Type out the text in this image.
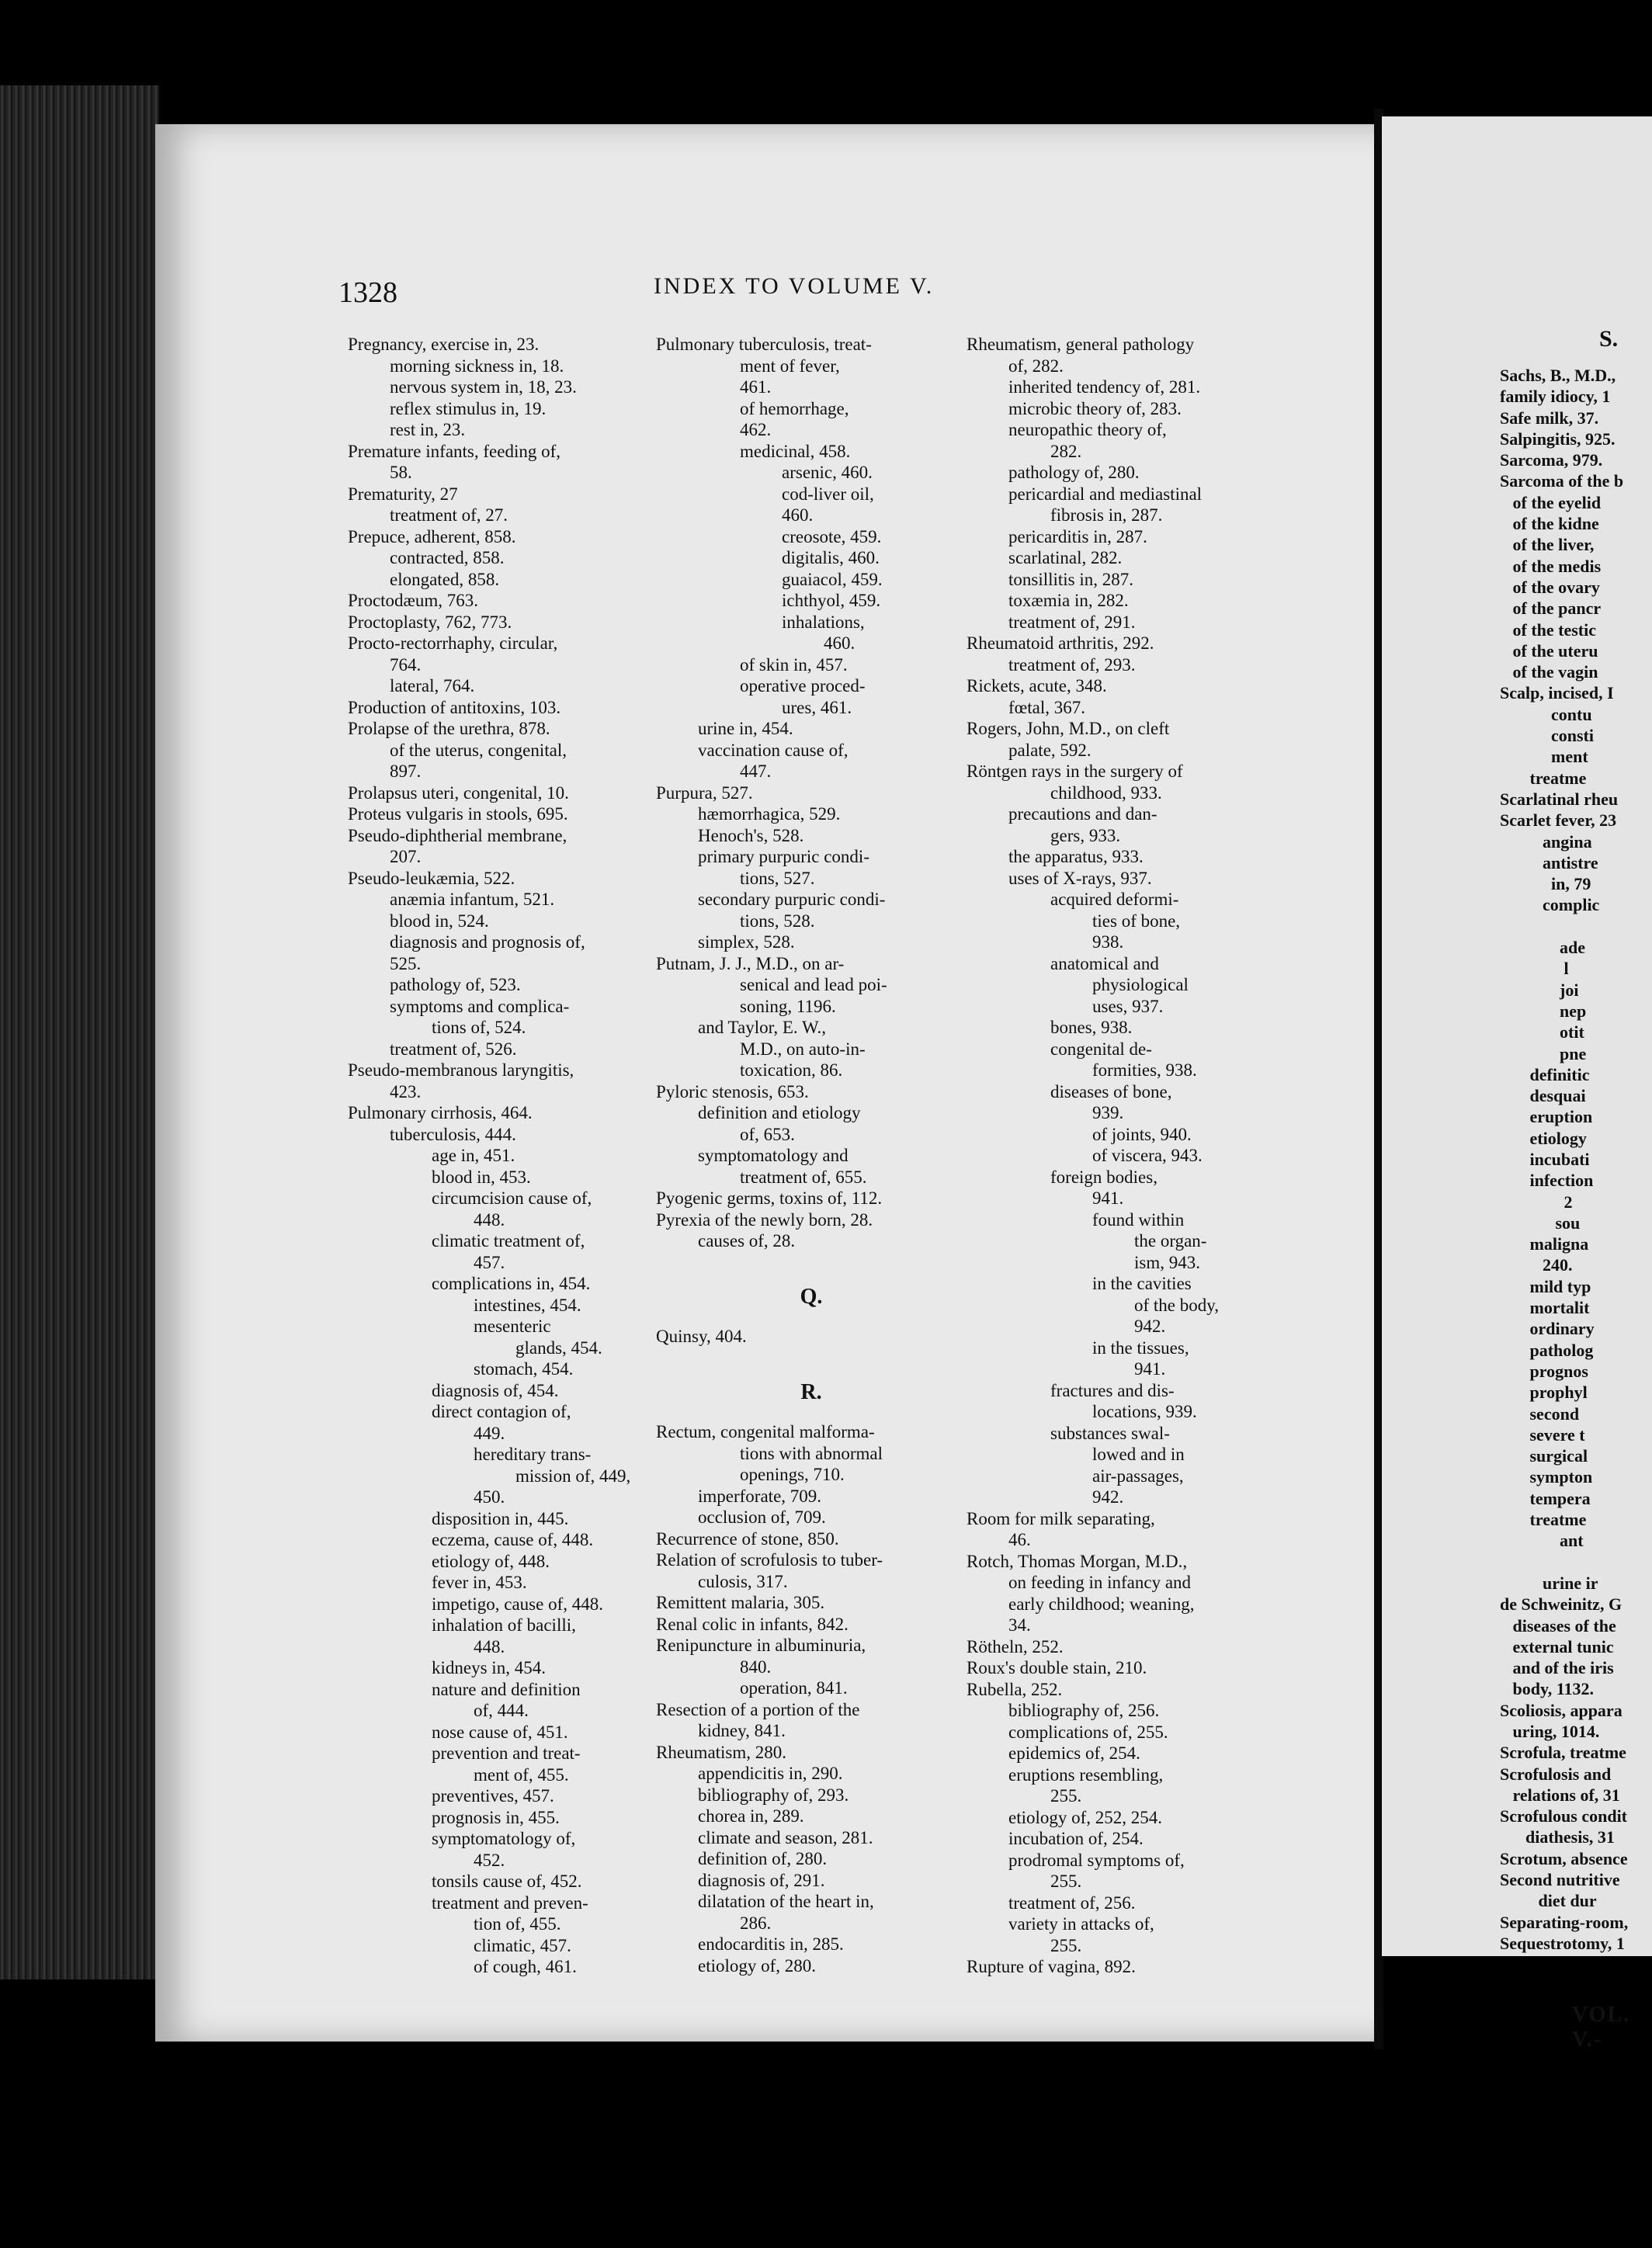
1328	INDEX TO VOLUME V.
Pregnancy, exercise in, 23.
morning sickness in, 18.
nervous system in, 18, 23.
reflex stimulus in, 19.
rest in, 23.
Premature infants, feeding of,
58.
Prematurity, 27
treatment of, 27.
Prepuce, adherent, 858.
contracted, 858.
elongated, 858.
Proctodæum, 763.
Proctoplasty, 762, 773.
Procto-rectorrhaphy, circular,
764.
lateral, 764.
Production of antitoxins, 103.
Prolapse of the urethra, 878.
of the uterus, congenital,
897.
Prolapsus uteri, congenital, 10.
Proteus vulgaris in stools, 695.
Pseudo-diphtherial membrane,
207.
Pseudo-leukæmia, 522.
anæmia infantum, 521.
blood in, 524.
diagnosis and prognosis of,
525.
pathology of, 523.
symptoms and complica-
tions of, 524.
treatment of, 526.
Pseudo-membranous laryngitis,
423.
Pulmonary cirrhosis, 464.
tuberculosis, 444.
age in, 451.
blood in, 453.
circumcision cause of,
448.
climatic treatment of,
457.
complications in, 454.
intestines, 454.
mesenteric
glands, 454.
stomach, 454.
diagnosis of, 454.
direct contagion of,
449.
hereditary trans-
mission of, 449,
450.
disposition in, 445.
eczema, cause of, 448.
etiology of, 448.
fever in, 453.
impetigo, cause of, 448.
inhalation of bacilli,
448.
kidneys in, 454.
nature and definition
of, 444.
nose cause of, 451.
prevention and treat-
ment of, 455.
preventives, 457.
prognosis in, 455.
symptomatology of,
452.
tonsils cause of, 452.
treatment and preven-
tion of, 455.
climatic, 457.
of cough, 461.
Pulmonary tuberculosis, treat-
ment of fever,
461.
of hemorrhage,
462.
medicinal, 458.
arsenic, 460.
cod-liver oil,
460.
creosote, 459.
digitalis, 460.
guaiacol, 459.
ichthyol, 459.
inhalations,
460.
of skin in, 457.
operative proced-
ures, 461.
urine in, 454.
vaccination cause of,
447.
Purpura, 527.
hæmorrhagica, 529.
Henoch's, 528.
primary purpuric condi-
tions, 527.
secondary purpuric condi-
tions, 528.
simplex, 528.
Putnam, J. J., M.D., on ar-
senical and lead poi-
soning, 1196.
and Taylor, E. W.,
M.D., on auto-in-
toxication, 86.
Pyloric stenosis, 653.
definition and etiology
of, 653.
symptomatology and
treatment of, 655.
Pyogenic germs, toxins of, 112.
Pyrexia of the newly born, 28.
causes of, 28.
Q.
Quinsy, 404.
R.
Rectum, congenital malforma-
tions with abnormal
openings, 710.
imperforate, 709.
occlusion of, 709.
Recurrence of stone, 850.
Relation of scrofulosis to tuber-
culosis, 317.
Remittent malaria, 305.
Renal colic in infants, 842.
Renipuncture in albuminuria,
840.
operation, 841.
Resection of a portion of the
kidney, 841.
Rheumatism, 280.
appendicitis in, 290.
bibliography of, 293.
chorea in, 289.
climate and season, 281.
definition of, 280.
diagnosis of, 291.
dilatation of the heart in,
286.
endocarditis in, 285.
etiology of, 280.
Rheumatism, general pathology
of, 282.
inherited tendency of, 281.
microbic theory of, 283.
neuropathic theory of,
282.
pathology of, 280.
pericardial and mediastinal
fibrosis in, 287.
pericarditis in, 287.
scarlatinal, 282.
tonsillitis in, 287.
toxæmia in, 282.
treatment of, 291.
Rheumatoid arthritis, 292.
treatment of, 293.
Rickets, acute, 348.
fœtal, 367.
Rogers, John, M.D., on cleft
palate, 592.
Röntgen rays in the surgery of
childhood, 933.
precautions and dan-
gers, 933.
the apparatus, 933.
uses of X-rays, 937.
acquired deformi-
ties of bone,
938.
anatomical and
physiological
uses, 937.
bones, 938.
congenital de-
formities, 938.
diseases of bone,
939.
of joints, 940.
of viscera, 943.
foreign bodies,
941.
found within
the organ-
ism, 943.
in the cavities
of the body,
942.
in the tissues,
941.
fractures and dis-
locations, 939.
substances swal-
lowed and in
air-passages,
942.
Room for milk separating,
46.
Rotch, Thomas Morgan, M.D.,
on feeding in infancy and
early childhood; weaning,
34.
Rötheln, 252.
Roux's double stain, 210.
Rubella, 252.
bibliography of, 256.
complications of, 255.
epidemics of, 254.
eruptions resembling,
255.
etiology of, 252, 254.
incubation of, 254.
prodromal symptoms of,
255.
treatment of, 256.
variety in attacks of,
255.
Rupture of vagina, 892.
S.
Sachs, B., M.D.,
family idiocy, 1
Safe milk, 37.
Salpingitis, 925.
Sarcoma, 979.
Sarcoma of the b
of the eyelid
of the kidne
of the liver,
of the medis
of the ovary
of the pancr
of the testic
of the uteru
of the vagin
Scalp, incised, I
contu
consti
ment
treatme
Scarlatinal rheu
Scarlet fever, 23
angina
antistre
in, 79
complic

ade
l
joi
nep
otit
pne
definitic
desquai
eruption
etiology
incubati
infection
2
sou
maligna
240.
mild typ
mortalit
ordinary
patholog
prognos
prophyl
second
severe t
surgical
sympton
tempera
treatme
ant

urine ir
de Schweinitz, G
diseases of the
external tunic
and of the iris
body, 1132.
Scoliosis, appara
uring, 1014.
Scrofula, treatme
Scrofulosis and
relations of, 31
Scrofulous condit
diathesis, 31
Scrotum, absence
Second nutritive
diet dur
Separating-room,
Sequestrotomy, 1
VOL. V.-
